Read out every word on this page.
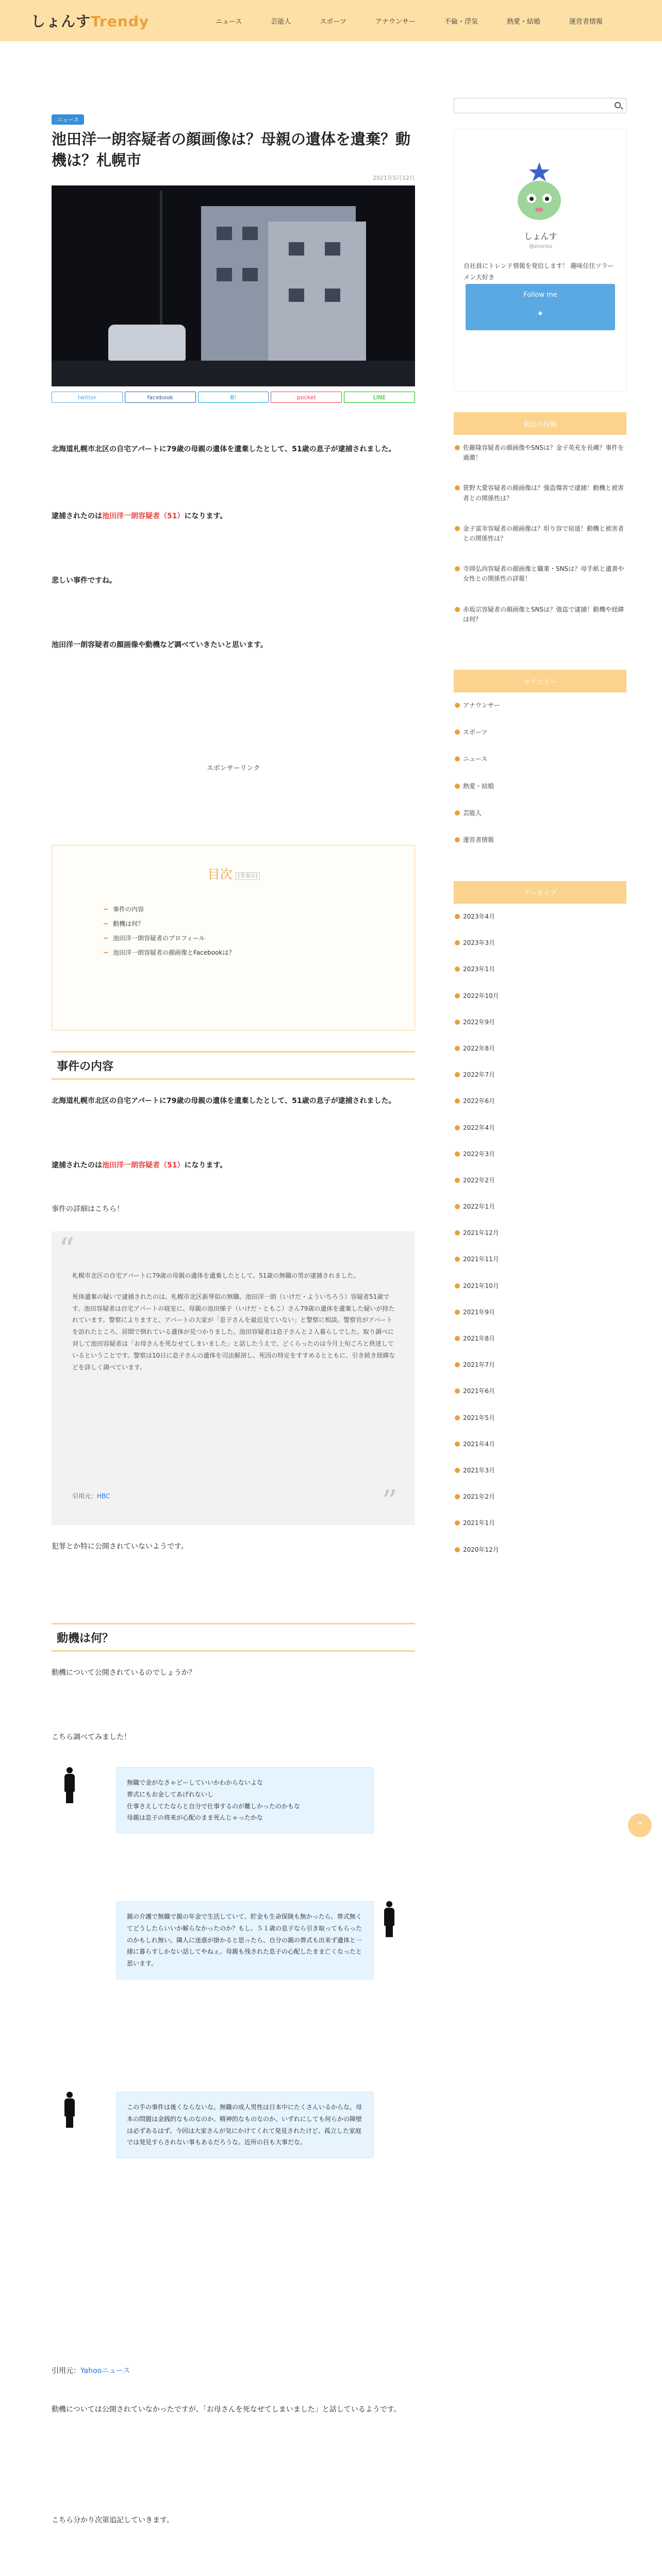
しょんすTrendy	ニュース	芸能人	スポーツ	アナウンサー	不倫・浮気	熱愛・結婚	運営者情報
ニュース
池田洋一朗容疑者の顔画像は？母親の遺体を遺棄？動機は？札幌市
2021年5月12日
twitter	facebook	B!	pocket	LINE

北海道札幌市北区の自宅アパートに79歳の母親の遺体を遺棄したとして、51歳の息子が逮捕されました。

逮捕されたのは池田洋一朗容疑者（51）になります。

悲しい事件ですね。

池田洋一朗容疑者の顔画像や動機など調べていきたいと思います。

スポンサーリンク
目次 [非表示]
事件の内容
動機は何？
池田洋一朗容疑者のプロフィール
池田洋一朗容疑者の顔画像とFacebookは？
事件の内容

北海道札幌市北区の自宅アパートに79歳の母親の遺体を遺棄したとして、51歳の息子が逮捕されました。

逮捕されたのは池田洋一朗容疑者（51）になります。

事件の詳細はこちら！

“

札幌市北区の自宅アパートに79歳の母親の遺体を遺棄したとして、51歳の無職の男が逮捕されました。

死体遺棄の疑いで逮捕されたのは、札幌市北区新琴似の無職、池田洋一朗（いけだ・よういちろう）容疑者51歳です。池田容疑者は自宅アパートの寝室に、母親の池田悌子（いけだ・ともこ）さん79歳の遺体を遺棄した疑いが持たれています。警察によりますと、アパートの大家が「息子さんを最近見ていない」と警察に相談。警察官がアパートを訪れたところ、居間で倒れている遺体が見つかりました。池田容疑者は息子さんと２人暮らしでした。取り調べに対して池田容疑者は「お母さんを死なせてしまいました」と話したうえで、どくらったのは今月上旬ごろと供述しているということです。警察は10日に息子さんの遺体を司法解剖し、死因の特定をすすめるとともに、引き続き経緯などを詳しく調べています。

引用元：HBC	”

犯罪とか特に公開されていないようです。

動機は何？

動機について公開されているのでしょうか？

こちら調べてみました！

無職で金がなさゃどーしていいかわからないよな
葬式にもお金してあげれないし
仕事さえしてたならと自分で仕事するのが難しかったのかもな
母親は息子の将来が心配のまま死んじゃったかな
親の介護で無職で親の年金で生活していて、貯金も生命保険も無かったら、葬式無くてどうしたらいいか解らなかったのか？もし、５１歳の息子なら引き取ってもらったのかもしれ無い。隣人に迷惑が掛かると思ったら、自分の親の葬式も出来ず遺体と一緒に暮らすしかない話してやねぇ。母親も残された息子の心配したまま亡くなったと思います。
この手の事件は後くならないな。無職の成人男性は日本中にたくさんいるからな。母本の問題は金銭的なものなのか、精神的なものなのか、いずれにしても何らかの障壁は必ずあるはず。今回は大家さんが気にかけてくれて発見されたけど、孤立した家庭では発見すらされない事もあるだろうな。近所の目も大事だな。

引用元：Yahooニュース

動機については公開されていなかったですが、「お母さんを死なせてしまいました」と話しているようです。

こちら分かり次第追記していきます。

しょんす
@shonsu
自社員にトレンド情報を発信します！ 趣味住住ソラーメン大好き
Follow me
✦
最近の投稿
佐藤隆容疑者の顔画像やSNSは？金子英充を長縄？事件を過激！
笹野大愛容疑者の顔画像は？強盗傷害で逮捕！動機と被害者との関係性は？
金子富幸容疑者の顔画像は？坦り容で宿道！動機と被害者との関係性は？
寺岡弘尚容疑者の顔画像と職業・SNSは？母手紙と遺書や女性との関係性の詳報！
赤坂宗容疑者の顔画像とSNSは？強盗で逮捕！動機や経緯は何？
カテゴリー
アナウンサー
スポーツ
ニュース
熱愛・結婚
芸能人
運営者情報
アーカイブ
2023年4月
2023年3月
2023年1月
2022年10月
2022年9月
2022年8月
2022年7月
2022年6月
2022年4月
2022年3月
2022年2月
2022年1月
2021年12月
2021年11月
2021年10月
2021年9月
2021年8月
2021年7月
2021年6月
2021年5月
2021年4月
2021年3月
2021年2月
2021年1月
2020年12月
⌃
